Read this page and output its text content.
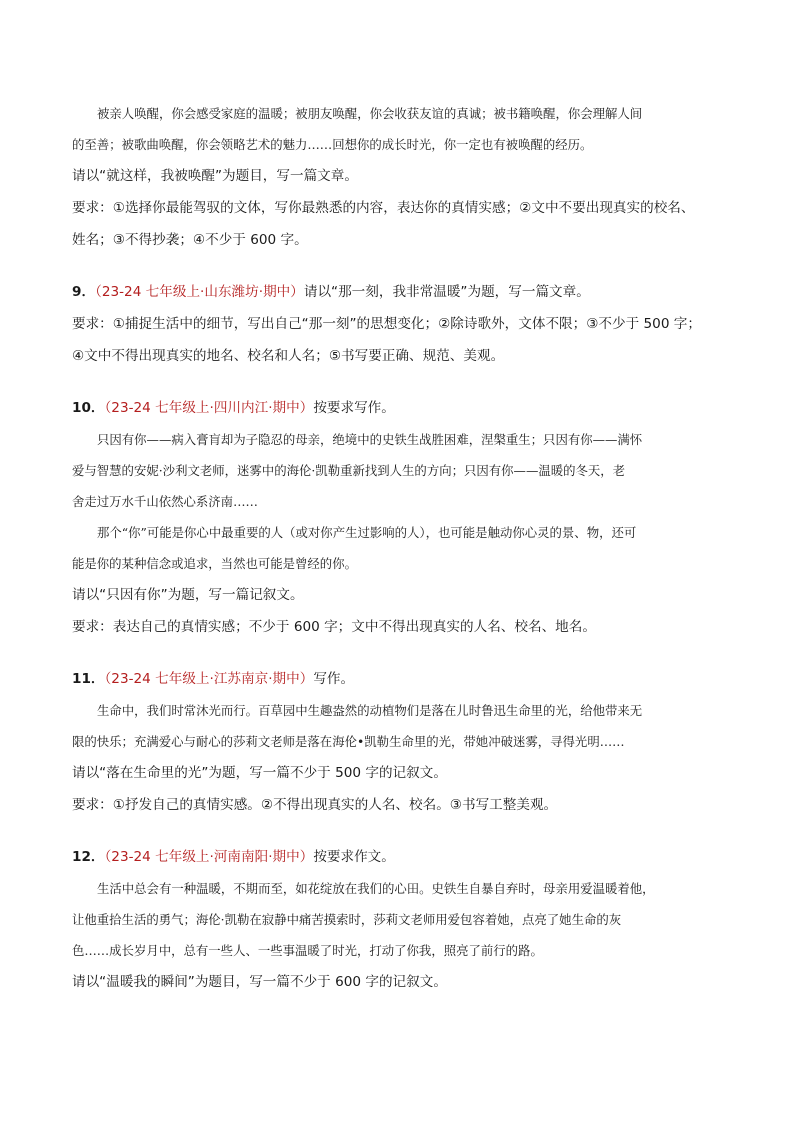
被亲人唤醒，你会感受家庭的温暖；被朋友唤醒，你会收获友谊的真诚；被书籍唤醒，你会理解人间

的至善；被歌曲唤醒，你会领略艺术的魅力……回想你的成长时光，你一定也有被唤醒的经历。

请以“就这样，我被唤醒”为题目，写一篇文章。

要求：①选择你最能驾驭的文体，写你最熟悉的内容，表达你的真情实感；②文中不要出现真实的校名、

姓名；③不得抄袭；④不少于 600 字。

9．（23-24 七年级上·山东潍坊·期中）请以“那一刻，我非常温暖”为题，写一篇文章。

要求：①捕捉生活中的细节，写出自己“那一刻”的思想变化；②除诗歌外，文体不限；③不少于 500 字；

④文中不得出现真实的地名、校名和人名；⑤书写要正确、规范、美观。

10．（23-24 七年级上·四川内江·期中）按要求写作。

只因有你——病入膏肓却为子隐忍的母亲，绝境中的史铁生战胜困难，涅槃重生；只因有你——满怀

爱与智慧的安妮·沙利文老师，迷雾中的海伦·凯勒重新找到人生的方向；只因有你——温暖的冬天，老

舍走过万水千山依然心系济南……

那个“你”可能是你心中最重要的人（或对你产生过影响的人），也可能是触动你心灵的景、物，还可

能是你的某种信念或追求，当然也可能是曾经的你。

请以“只因有你”为题，写一篇记叙文。

要求：表达自己的真情实感；不少于 600 字；文中不得出现真实的人名、校名、地名。

11．（23-24 七年级上·江苏南京·期中）写作。

生命中，我们时常沐光而行。百草园中生趣盎然的动植物们是落在儿时鲁迅生命里的光，给他带来无

限的快乐；充满爱心与耐心的莎莉文老师是落在海伦•凯勒生命里的光，带她冲破迷雾，寻得光明……

请以“落在生命里的光”为题，写一篇不少于 500 字的记叙文。

要求：①抒发自己的真情实感。②不得出现真实的人名、校名。③书写工整美观。

12．（23-24 七年级上·河南南阳·期中）按要求作文。

生活中总会有一种温暖，不期而至，如花绽放在我们的心田。史铁生自暴自弃时，母亲用爱温暖着他，

让他重拾生活的勇气；海伦·凯勒在寂静中痛苦摸索时，莎莉文老师用爱包容着她，点亮了她生命的灰

色……成长岁月中，总有一些人、一些事温暖了时光，打动了你我，照亮了前行的路。

请以“温暖我的瞬间”为题目，写一篇不少于 600 字的记叙文。
